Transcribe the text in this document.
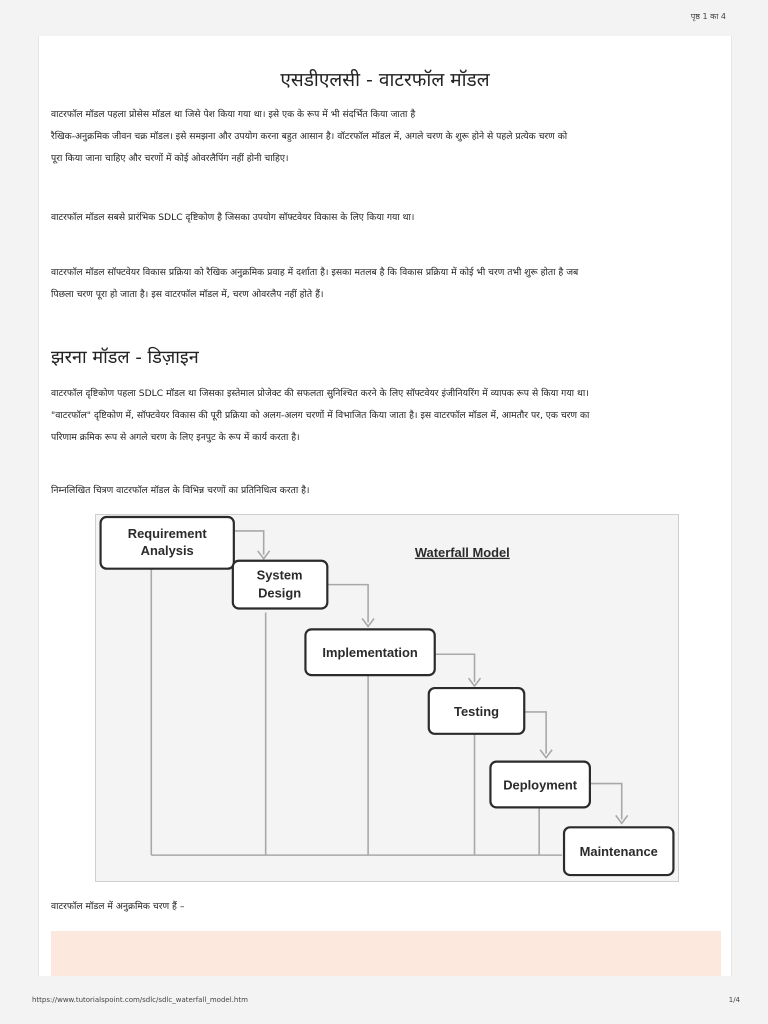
पृष्ठ 1 का 4
एसडीएलसी - वाटरफॉल मॉडल
वाटरफॉल मॉडल पहला प्रोसेस मॉडल था जिसे पेश किया गया था। इसे एक के रूप में भी संदर्भित किया जाता है
रैखिक-अनुक्रमिक जीवन चक्र मॉडल। इसे समझना और उपयोग करना बहुत आसान है। वॉटरफॉल मॉडल में, अगले चरण के शुरू होने से पहले प्रत्येक चरण को
पूरा किया जाना चाहिए और चरणों में कोई ओवरलैपिंग नहीं होनी चाहिए।
वाटरफॉल मॉडल सबसे प्रारंभिक SDLC दृष्टिकोण है जिसका उपयोग सॉफ्टवेयर विकास के लिए किया गया था।
वाटरफॉल मॉडल सॉफ्टवेयर विकास प्रक्रिया को रैखिक अनुक्रमिक प्रवाह में दर्शाता है। इसका मतलब है कि विकास प्रक्रिया में कोई भी चरण तभी शुरू होता है जब
पिछला चरण पूरा हो जाता है। इस वाटरफॉल मॉडल में, चरण ओवरलैप नहीं होते हैं।
झरना मॉडल - डिज़ाइन
वाटरफॉल दृष्टिकोण पहला SDLC मॉडल था जिसका इस्तेमाल प्रोजेक्ट की सफलता सुनिश्चित करने के लिए सॉफ्टवेयर इंजीनियरिंग में व्यापक रूप से किया गया था।
"वाटरफॉल" दृष्टिकोण में, सॉफ्टवेयर विकास की पूरी प्रक्रिया को अलग-अलग चरणों में विभाजित किया जाता है। इस वाटरफॉल मॉडल में, आमतौर पर, एक चरण का
परिणाम क्रमिक रूप से अगले चरण के लिए इनपुट के रूप में कार्य करता है।
निम्नलिखित चित्रण वाटरफॉल मॉडल के विभिन्न चरणों का प्रतिनिधित्व करता है।
Waterfall Model
Requirement
Analysis
System
Design
Implementation
Testing
Deployment
Maintenance
वाटरफॉल मॉडल में अनुक्रमिक चरण हैं –
https://www.tutorialspoint.com/sdlc/sdlc_waterfall_model.htm	1/4
